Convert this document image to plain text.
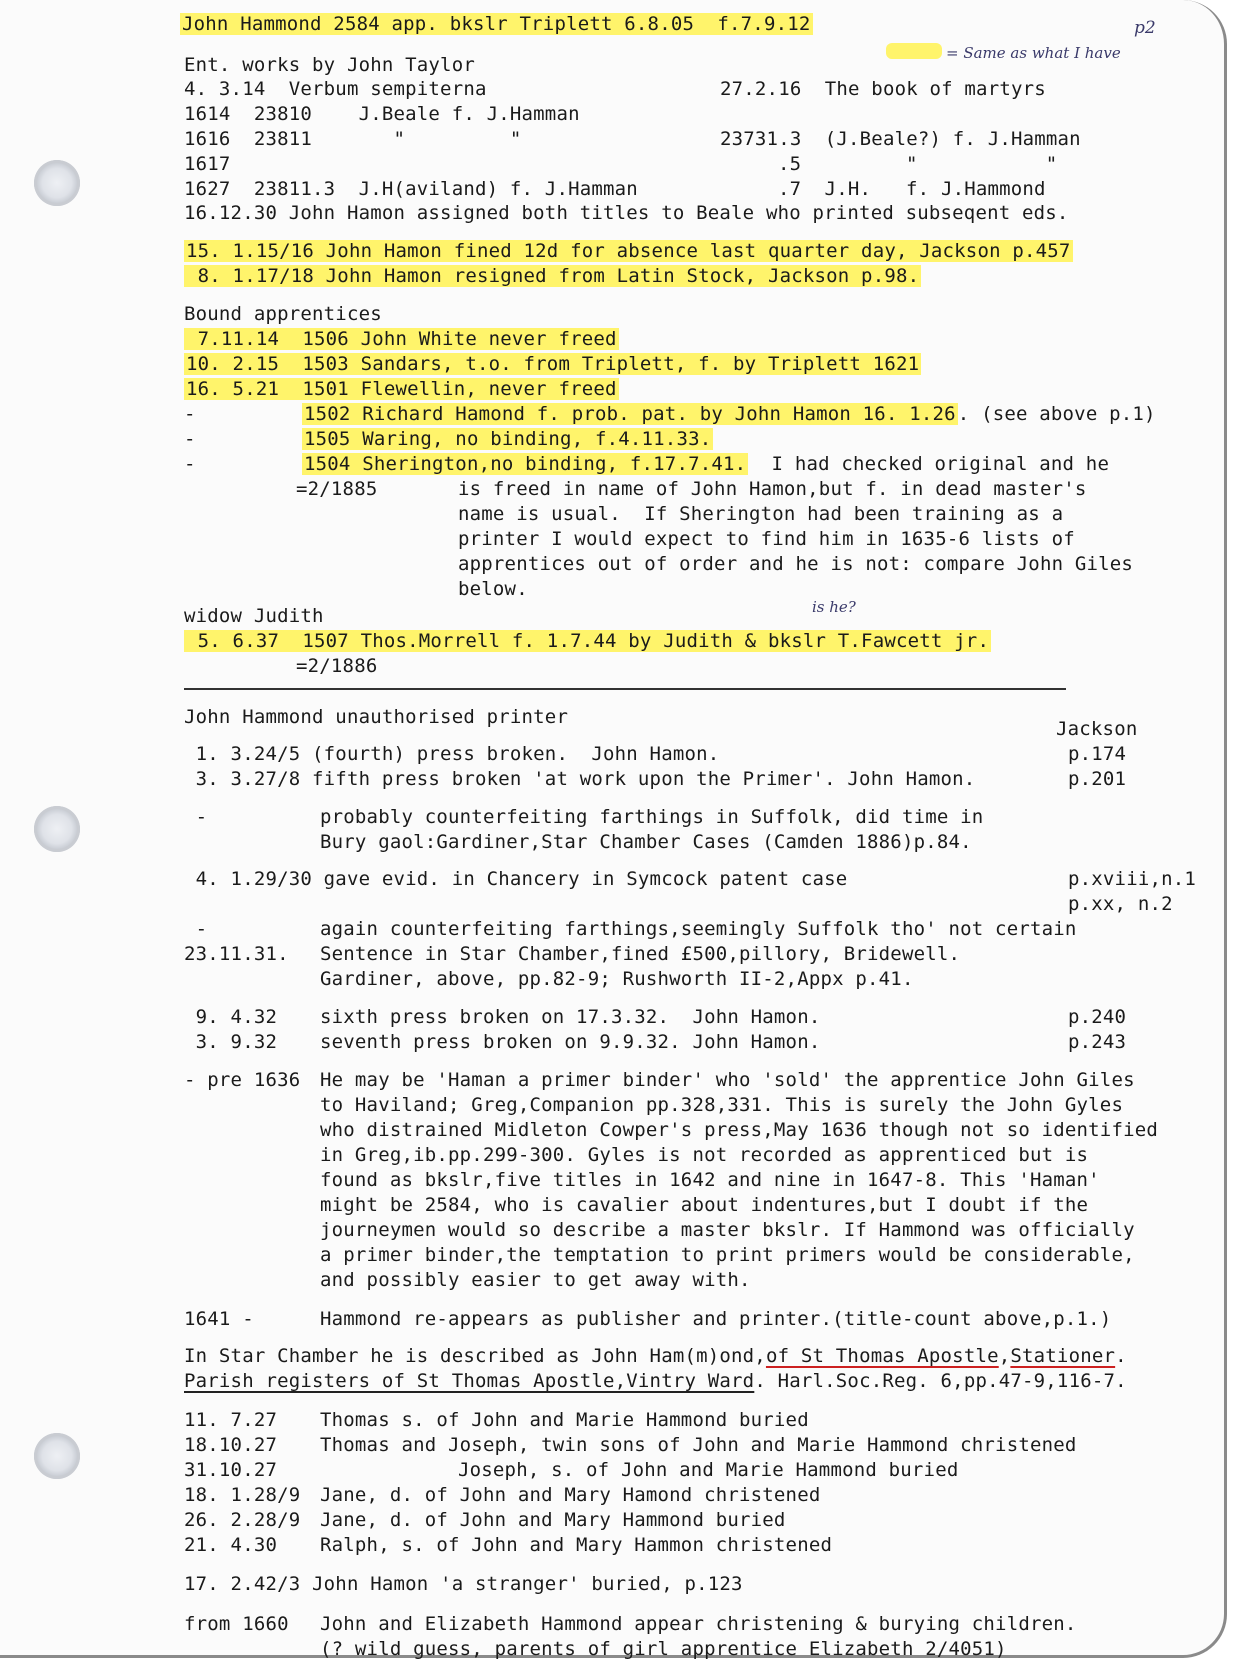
John Hammond 2584 app. bkslr Triplett 6.8.05  f.7.9.12	p2
= Same as what I have
Ent. works by John Taylor
4. 3.14  Verbum sempiterna	27.2.16  The book of martyrs
1614  23810    J.Beale f. J.Hamman
1616  23811       "         "	23731.3  (J.Beale?) f. J.Hamman
1617	.5         "           "
1627  23811.3  J.H(aviland) f. J.Hamman	.7  J.H.   f. J.Hammond
16.12.30 John Hamon assigned both titles to Beale who printed subseqent eds.
15. 1.15/16 John Hamon fined 12d for absence last quarter day, Jackson p.457
8. 1.17/18 John Hamon resigned from Latin Stock, Jackson p.98.
Bound apprentices
7.11.14  1506 John White never freed
10. 2.15  1503 Sandars, t.o. from Triplett, f. by Triplett 1621
16. 5.21  1501 Flewellin, never freed
-	1502 Richard Hamond f. prob. pat. by John Hamon 16. 1.26 . (see above p.1)
-	1505 Waring, no binding, f.4.11.33.
-	1504 Sherington,no binding, f.17.7.41.  I had checked original and he
=2/1885	is freed in name of John Hamon,but f. in dead master's
name is usual.  If Sherington had been training as a
printer I would expect to find him in 1635-6 lists of
apprentices out of order and he is not: compare John Giles
below.
widow Judith	is he?
5. 6.37  1507 Thos.Morrell f. 1.7.44 by Judith & bkslr T.Fawcett jr.
=2/1886
John Hammond unauthorised printer
Jackson
1. 3.24/5 (fourth) press broken.  John Hamon.	p.174
3. 3.27/8 fifth press broken 'at work upon the Primer'. John Hamon.	p.201
-	probably counterfeiting farthings in Suffolk, did time in
Bury gaol:Gardiner,Star Chamber Cases (Camden 1886)p.84.
4. 1.29/30 gave evid. in Chancery in Symcock patent case	p.xviii,n.1
p.xx, n.2
-	again counterfeiting farthings,seemingly Suffolk tho' not certain
23.11.31. Sentence in Star Chamber,fined £500,pillory, Bridewell.
Gardiner, above, pp.82-9; Rushworth II-2,Appx p.41.
9. 4.32 sixth press broken on 17.3.32.  John Hamon.	p.240
3. 9.32 seventh press broken on 9.9.32. John Hamon.	p.243
- pre 1636 He may be 'Haman a primer binder' who 'sold' the apprentice John Giles
to Haviland; Greg,Companion pp.328,331. This is surely the John Gyles
who distrained Midleton Cowper's press,May 1636 though not so identified
in Greg,ib.pp.299-300. Gyles is not recorded as apprenticed but is
found as bkslr,five titles in 1642 and nine in 1647-8. This 'Haman'
might be 2584, who is cavalier about indentures,but I doubt if the
journeymen would so describe a master bkslr. If Hammond was officially
a primer binder,the temptation to print primers would be considerable,
and possibly easier to get away with.
1641 -	Hammond re-appears as publisher and printer.(title-count above,p.1.)
In Star Chamber he is described as John Ham(m)ond,of St Thomas Apostle,Stationer.
Parish registers of St Thomas Apostle,Vintry Ward. Harl.Soc.Reg. 6,pp.47-9,116-7.
11. 7.27 Thomas s. of John and Marie Hammond buried
18.10.27 Thomas and Joseph, twin sons of John and Marie Hammond christened
31.10.27	Joseph, s. of John and Marie Hammond buried
18. 1.28/9 Jane, d. of John and Mary Hamond christened
26. 2.28/9 Jane, d. of John and Mary Hammond buried
21. 4.30 Ralph, s. of John and Mary Hammon christened
17. 2.42/3 John Hamon 'a stranger' buried, p.123
from 1660 John and Elizabeth Hammond appear christening & burying children.
(? wild guess, parents of girl apprentice Elizabeth 2/4051)
